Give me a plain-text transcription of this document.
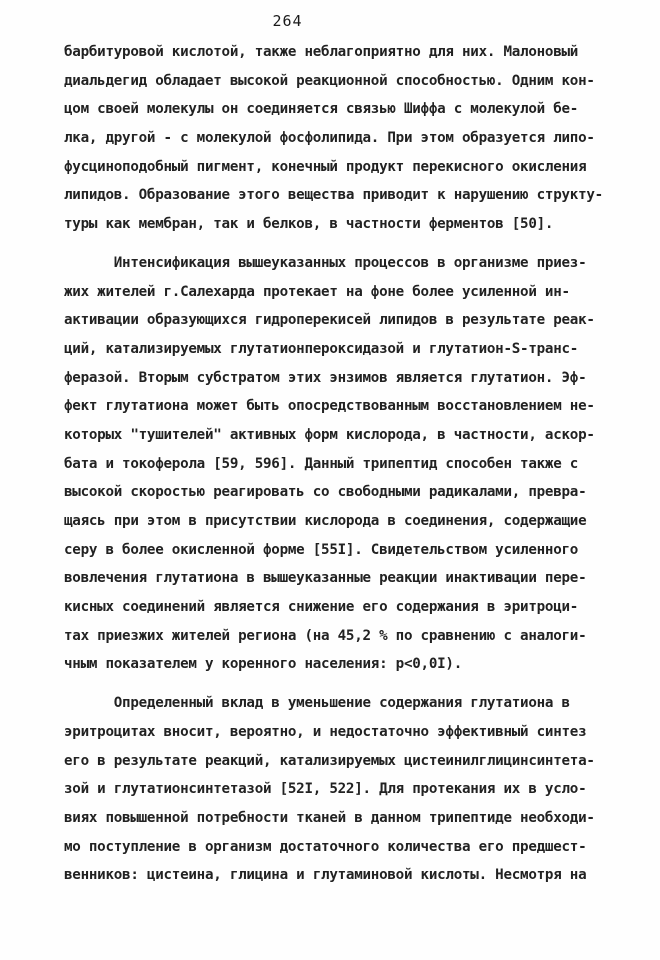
264
барбитуровой кислотой, также неблагоприятно для них. Малоновый
диальдегид обладает высокой реакционной способностью. Одним кон-
цом своей молекулы он соединяется связью Шиффа с молекулой бе-
лка, другой - с молекулой фосфолипида. При этом образуется липо-
фусциноподобный пигмент, конечный продукт перекисного окисления
липидов. Образование этого вещества приводит к нарушению структу-
туры как мембран, так и белков, в частности ферментов [50].
Интенсификация вышеуказанных процессов в организме приез-
жих жителей г.Салехарда протекает на фоне более усиленной ин-
активации образующихся гидроперекисей липидов в результате реак-
ций, катализируемых глутатионпероксидазой и глутатион-S-транс-
феразой. Вторым субстратом этих энзимов является глутатион. Эф-
фект глутатиона может быть опосредствованным восстановлением не-
которых "тушителей" активных форм кислорода, в частности, аскор-
бата и токоферола [59, 596]. Данный трипептид способен также с
высокой скоростью реагировать со свободными радикалами, превра-
щаясь при этом в присутствии кислорода в соединения, содержащие
серу в более окисленной форме [55I]. Свидетельством усиленного
вовлечения глутатиона в вышеуказанные реакции инактивации пере-
кисных соединений является снижение его содержания в эритроци-
тах приезжих жителей региона (на 45,2 % по сравнению с аналоги-
чным показателем у коренного населения: p<0,0I).
Определенный вклад в уменьшение содержания глутатиона в
эритроцитах вносит, вероятно, и недостаточно эффективный синтез
его в результате реакций, катализируемых цистеинилглицинсинтета-
зой и глутатионсинтетазой [52I, 522]. Для протекания их в усло-
виях повышенной потребности тканей в данном трипептиде необходи-
мо поступление в организм достаточного количества его предшест-
венников: цистеина, глицина и глутаминовой кислоты. Несмотря на
